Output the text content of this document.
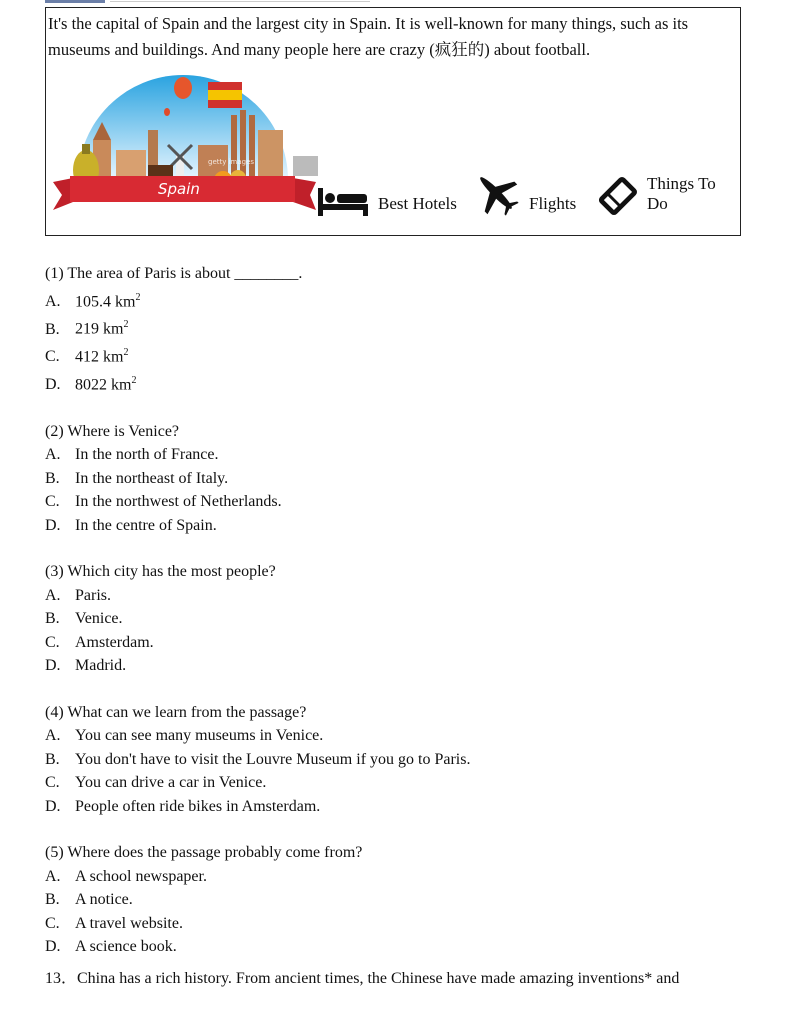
It's the capital of Spain and the largest city in Spain. It is well-known for many things, such as its museums and buildings. And many people here are crazy (疯狂的) about football.
Spain
getty images
Best Hotels	Flights
Things To Do
(1) The area of Paris is about ________.
A. 105.4 $km^2$
B. 219 $km^2$
C. 412 $km^2$
D. 8022 $km^2$
(2) Where is Venice?
A. In the north of France.
B. In the northeast of Italy.
C. In the northwest of Netherlands.
D. In the centre of Spain.
(3) Which city has the most people?
A. Paris.
B. Venice.
C. Amsterdam.
D. Madrid.
(4) What can we learn from the passage?
A. You can see many museums in Venice.
B. You don't have to visit the Louvre Museum if you go to Paris.
C. You can drive a car in Venice.
D. People often ride bikes in Amsterdam.
(5) Where does the passage probably come from?
A. A school newspaper.
B. A notice.
C. A travel website.
D. A science book.
13．China has a rich history. From ancient times, the Chinese have made amazing inventions* and
